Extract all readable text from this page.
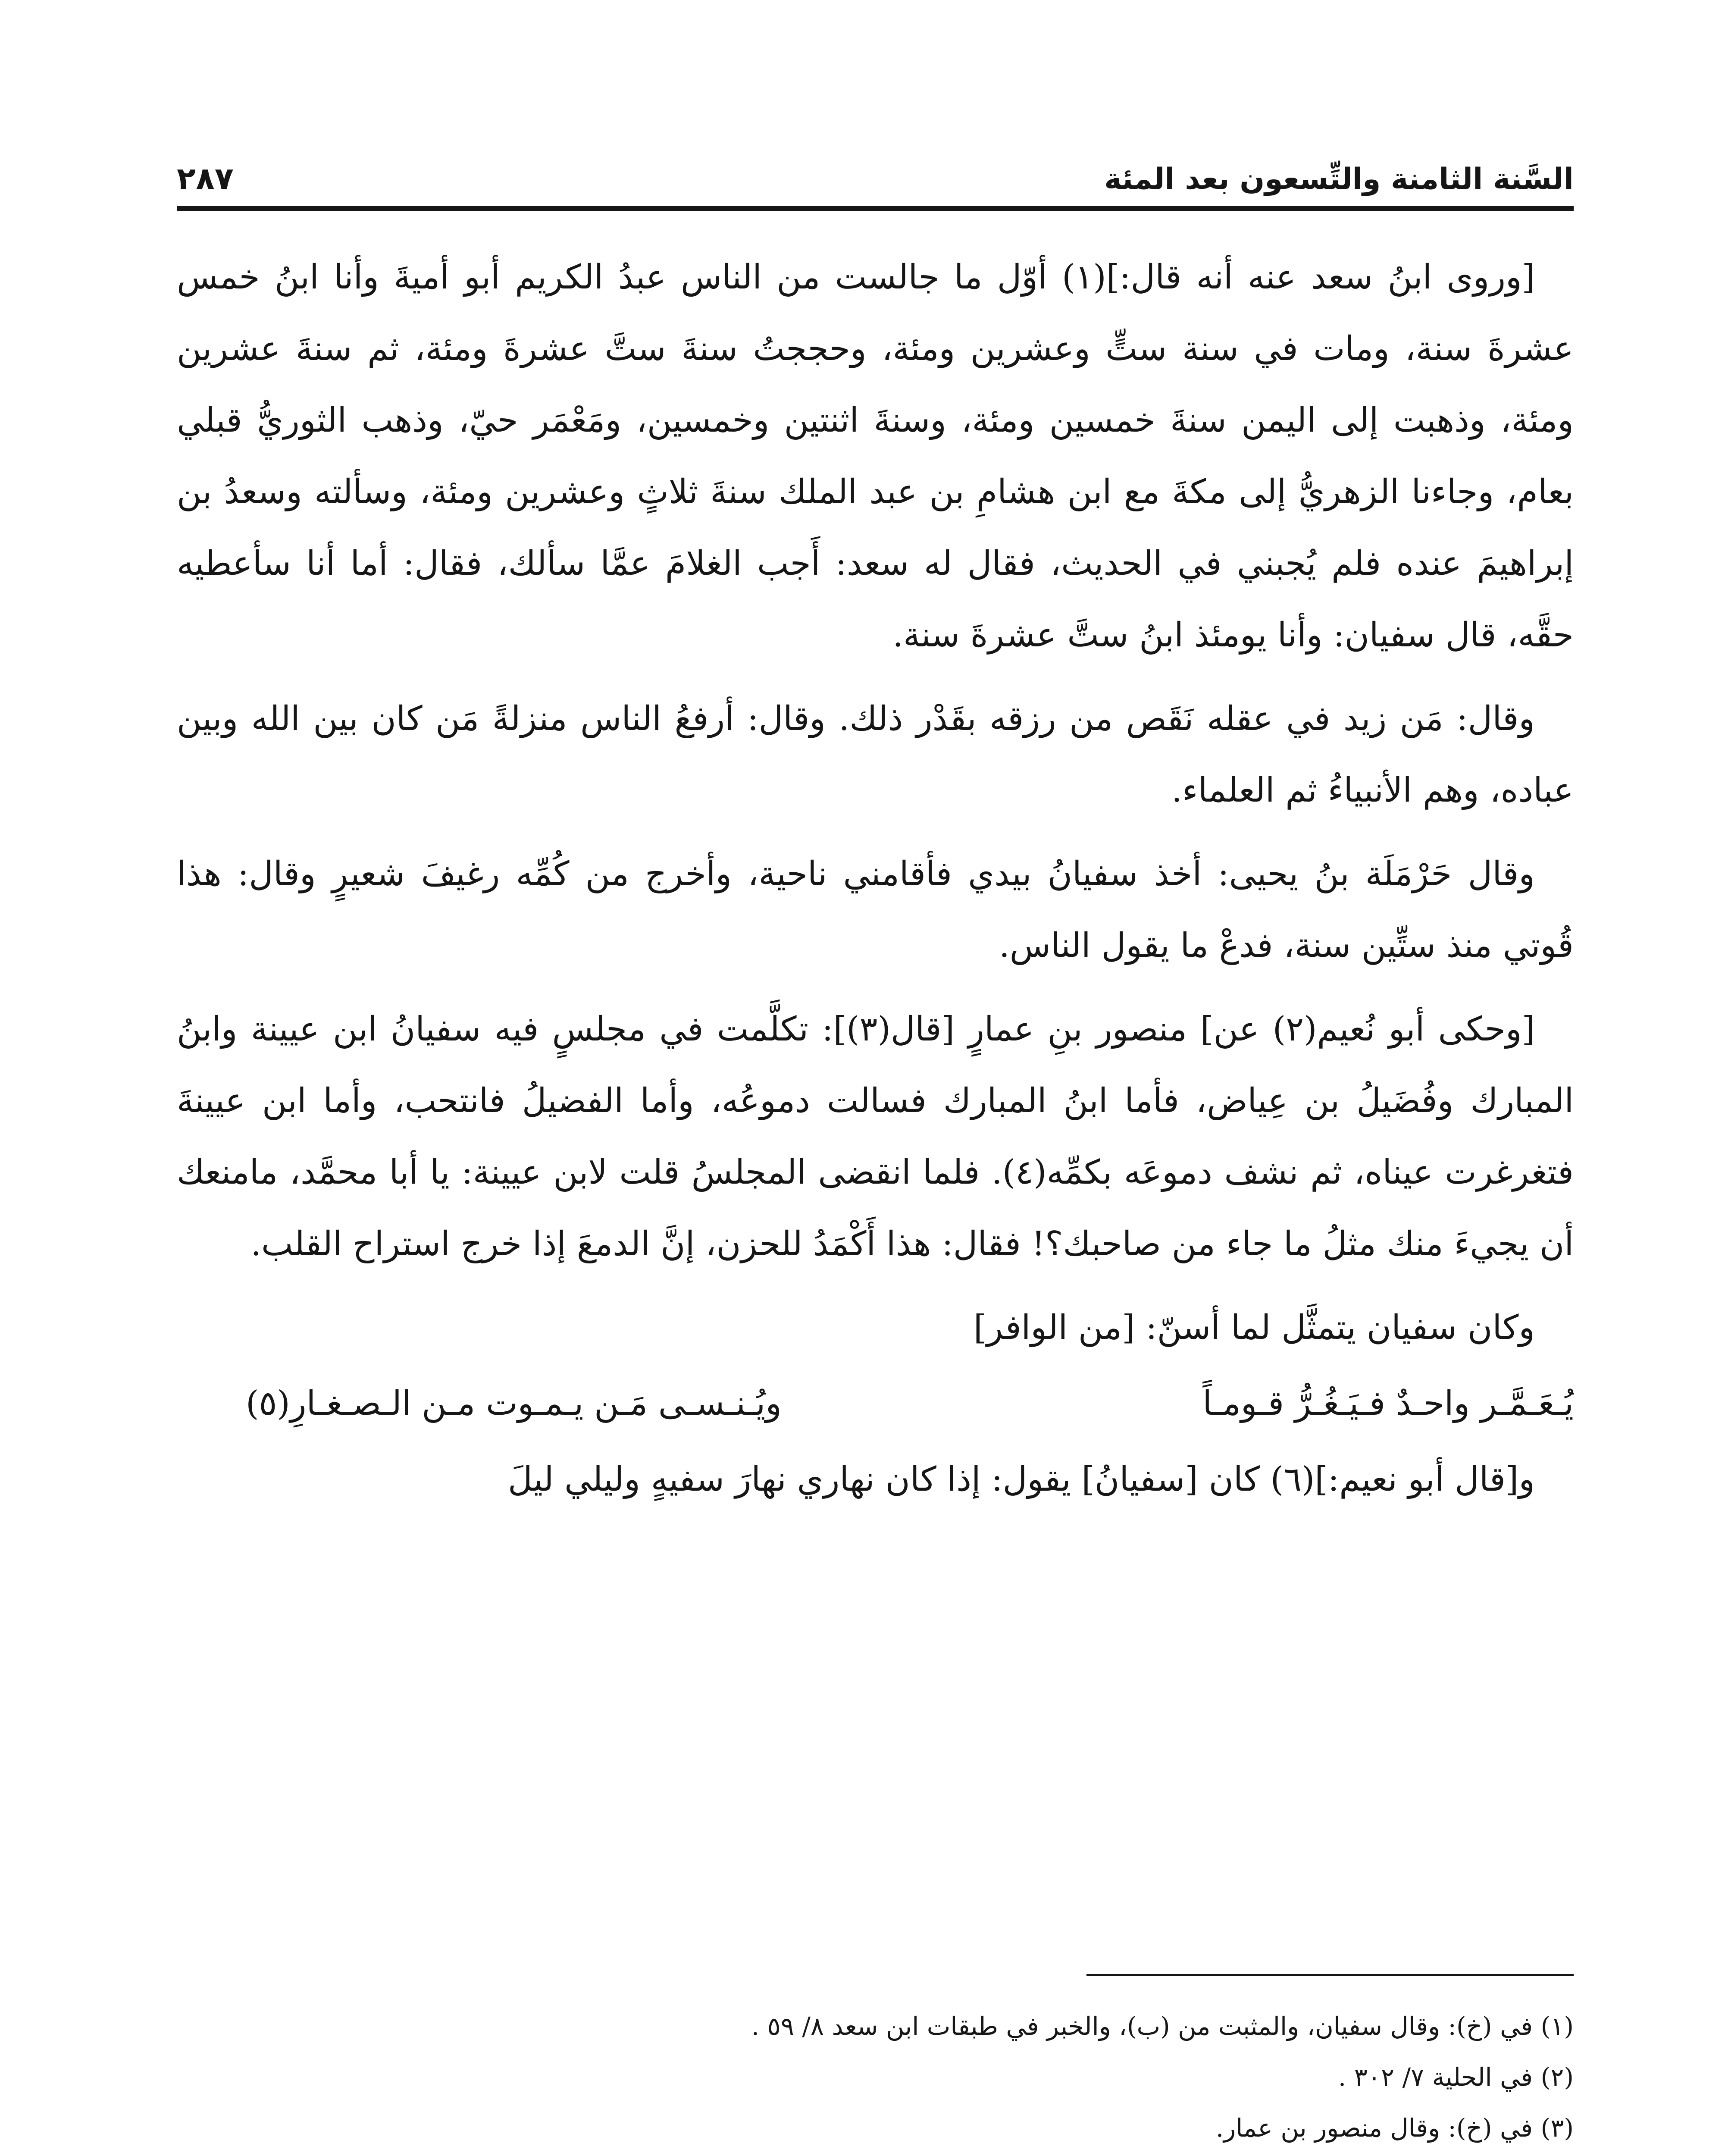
٢٨٧	السَّنة الثامنة والتِّسعون بعد المئة

[وروى ابنُ سعد عنه أنه قال:](١) أوّل ما جالست من الناس عبدُ الكريم أبو أميةَ وأنا ابنُ خمس عشرةَ سنة، ومات في سنة ستٍّ وعشرين ومئة، وحججتُ سنةَ ستَّ عشرةَ ومئة، ثم سنةَ عشرين ومئة، وذهبت إلى اليمن سنةَ خمسين ومئة، وسنةَ اثنتين وخمسين، ومَعْمَر حيّ، وذهب الثوريُّ قبلي بعام، وجاءنا الزهريُّ إلى مكةَ مع ابن هشامِ بن عبد الملك سنةَ ثلاثٍ وعشرين ومئة، وسألته وسعدُ بن إبراهيمَ عنده فلم يُجبني في الحديث، فقال له سعد: أَجب الغلامَ عمَّا سألك، فقال: أما أنا سأعطيه حقَّه، قال سفيان: وأنا يومئذ ابنُ ستَّ عشرةَ سنة.

وقال: مَن زيد في عقله نَقَص من رزقه بقَدْر ذلك. وقال: أرفعُ الناس منزلةً مَن كان بين الله وبين عباده، وهم الأنبياءُ ثم العلماء.

وقال حَرْمَلَة بنُ يحيى: أخذ سفيانُ بيدي فأقامني ناحية، وأخرج من كُمِّه رغيفَ شعيرٍ وقال: هذا قُوتي منذ ستِّين سنة، فدعْ ما يقول الناس.

[وحكى أبو نُعيم(٢) عن] منصور بنِ عمارٍ [قال(٣)]: تكلَّمت في مجلسٍ فيه سفيانُ ابن عيينة وابنُ المبارك وفُضَيلُ بن عِياض، فأما ابنُ المبارك فسالت دموعُه، وأما الفضيلُ فانتحب، وأما ابن عيينةَ فتغرغرت عيناه، ثم نشف دموعَه بكمِّه(٤). فلما انقضى المجلسُ قلت لابن عيينة: يا أبا محمَّد، مامنعك أن يجيءَ منك مثلُ ما جاء من صاحبك؟! فقال: هذا أَكْمَدُ للحزن، إنَّ الدمعَ إذا خرج استراح القلب.

وكان سفيان يتمثَّل لما أسنّ: [من الوافر]

يُـعَـمَّـر واحـدٌ فـيَـغُـرُّ قـومـاً
ويُـنـسـى مَـن يـمـوت مـن الـصـغـارِ(٥)

و[قال أبو نعيم:](٦) كان [سفيانُ] يقول: إذا كان نهاري نهارَ سفيهٍ وليلي ليلَ

(١) في (خ): وقال سفيان، والمثبت من (ب)، والخبر في طبقات ابن سعد ٨/ ٥٩ .

(٢) في الحلية ٧/ ٣٠٢ .

(٣) في (خ): وقال منصور بن عمار.
